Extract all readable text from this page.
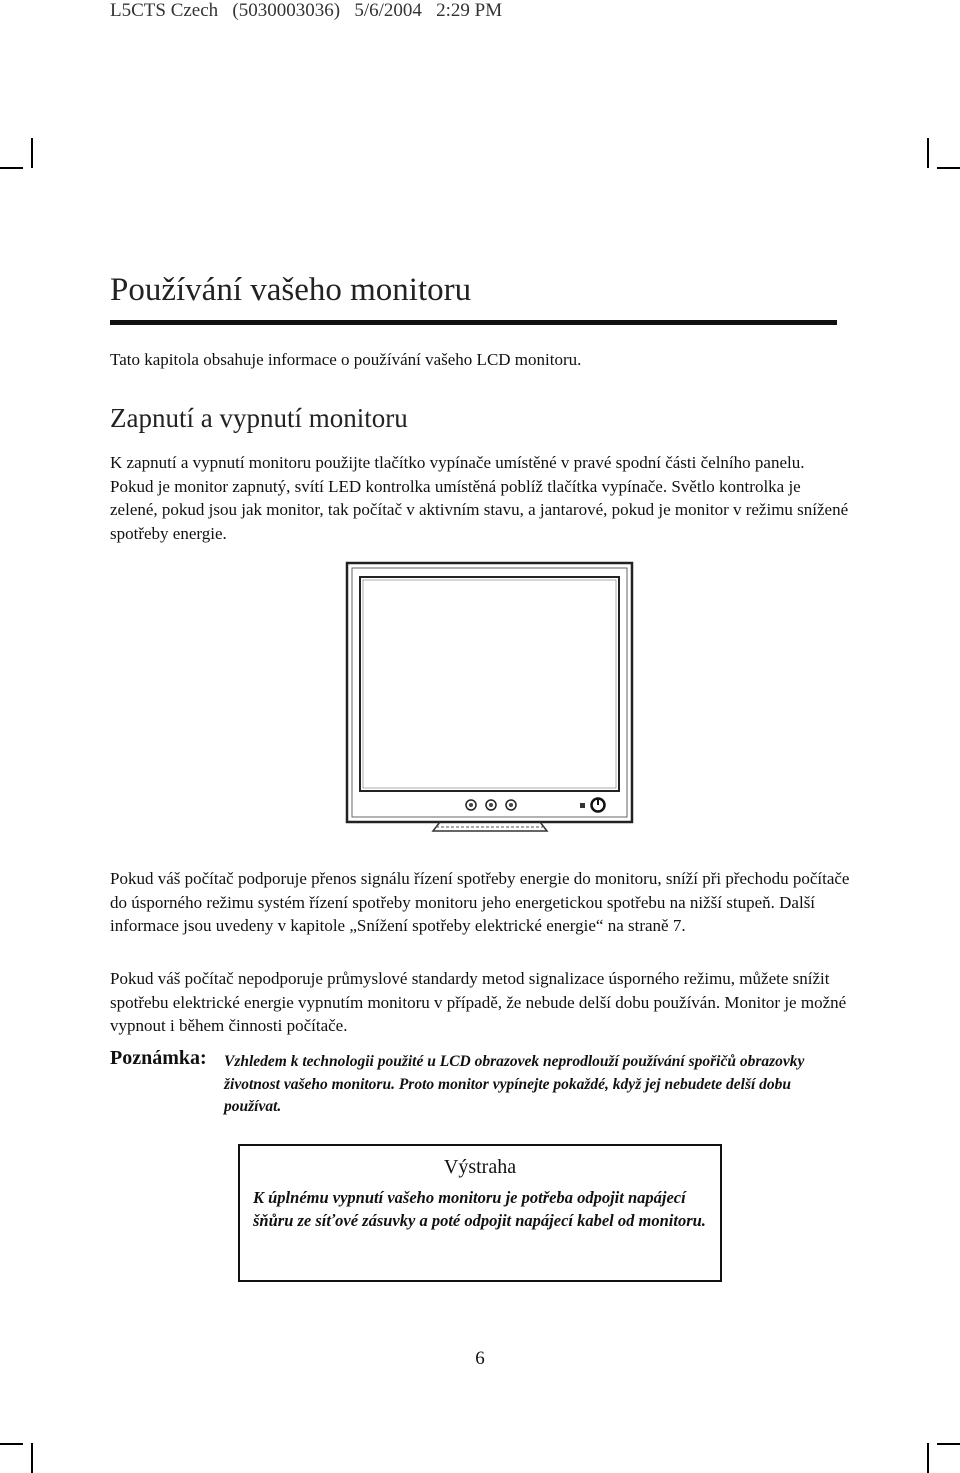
L5CTS Czech   (5030003036)   5/6/2004   2:29 PM
Používání vašeho monitoru
Tato kapitola obsahuje informace o používání vašeho LCD monitoru.
Zapnutí a vypnutí monitoru
K zapnutí a vypnutí monitoru použijte tlačítko vypínače umístěné v pravé spodní části čelního panelu. Pokud je monitor zapnutý, svítí LED kontrolka umístěná poblíž tlačítka vypínače. Světlo kontrolka je zelené, pokud jsou jak monitor, tak počítač v aktivním stavu, a jantarové, pokud je monitor v režimu snížené spotřeby energie.
Pokud váš počítač podporuje přenos signálu řízení spotřeby energie do monitoru, sníží při přechodu počítače do úsporného režimu systém řízení spotřeby monitoru jeho energetickou spotřebu na nižší stupeň. Další informace jsou uvedeny v kapitole „Snížení spotřeby elektrické energie“ na straně 7.
Pokud váš počítač nepodporuje průmyslové standardy metod signalizace úsporného režimu, můžete snížit spotřebu elektrické energie vypnutím monitoru v případě, že nebude delší dobu používán. Monitor je možné vypnout i během činnosti počítače.
Poznámka: Vzhledem k technologii použité u LCD obrazovek neprodlouží používání spořičů obrazovky životnost vašeho monitoru. Proto monitor vypínejte pokaždé, když jej nebudete delší dobu používat.
Výstraha
K úplnému vypnutí vašeho monitoru je potřeba odpojit napájecí šňůru ze síťové zásuvky a poté odpojit napájecí kabel od monitoru.
6
